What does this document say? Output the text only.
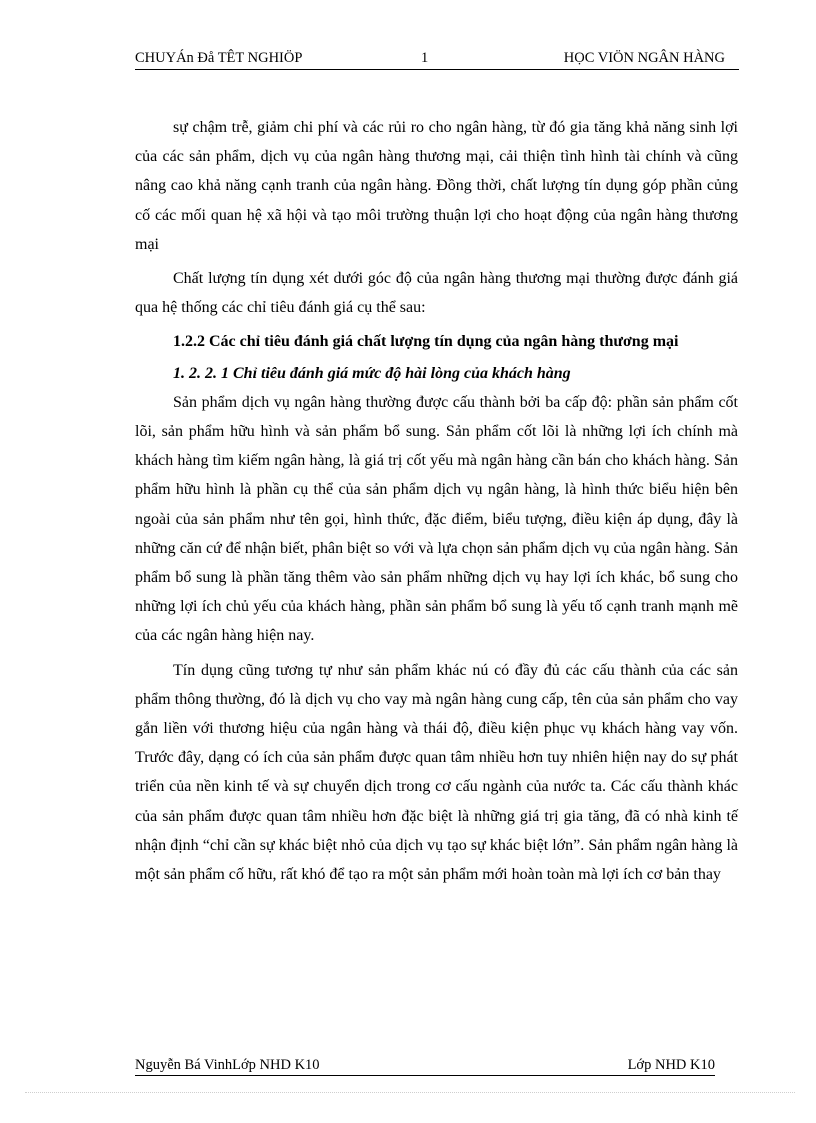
CHUYÁn Đå TÊT NGHIÖP	1	HỌC VIÖN NGÂN HÀNG

sự chậm trễ, giảm chi phí và các rủi ro cho ngân hàng, từ đó gia tăng khả năng sinh lợi của các sản phẩm, dịch vụ của ngân hàng thương mại, cải thiện tình hình tài chính và cũng nâng cao khả năng cạnh tranh của ngân hàng. Đồng thời, chất lượng tín dụng góp phần củng cố các mối quan hệ xã hội và tạo môi trường thuận lợi cho hoạt động của ngân hàng thương mại

Chất lượng tín dụng xét dưới góc độ của ngân hàng thương mại thường được đánh giá qua hệ thống các chỉ tiêu đánh giá cụ thể sau:

1.2.2 Các chỉ tiêu đánh giá chất lượng tín dụng của ngân hàng thương mại

1. 2. 2. 1 Chỉ tiêu đánh giá mức độ hài lòng của khách hàng

Sản phẩm dịch vụ ngân hàng thường được cấu thành bởi ba cấp độ: phần sản phẩm cốt lõi, sản phẩm hữu hình và sản phẩm bổ sung. Sản phẩm cốt lõi là những lợi ích chính mà khách hàng tìm kiếm ngân hàng, là giá trị cốt yếu mà ngân hàng cần bán cho khách hàng. Sản phẩm hữu hình là phần cụ thể của sản phẩm dịch vụ ngân hàng, là hình thức biểu hiện bên ngoài của sản phẩm như tên gọi, hình thức, đặc điểm, biểu tượng, điều kiện áp dụng, đây là những căn cứ để nhận biết, phân biệt so với và lựa chọn sản phẩm dịch vụ của ngân hàng. Sản phẩm bổ sung là phần tăng thêm vào sản phẩm những dịch vụ hay lợi ích khác, bổ sung cho những lợi ích chủ yếu của khách hàng, phần sản phẩm bổ sung là yếu tố cạnh tranh mạnh mẽ của các ngân hàng hiện nay.

Tín dụng cũng tương tự như sản phẩm khác nú có đầy đủ các cấu thành của các sản phẩm thông thường, đó là dịch vụ cho vay mà ngân hàng cung cấp, tên của sản phẩm cho vay gắn liền với thương hiệu của ngân hàng và thái độ, điều kiện phục vụ khách hàng vay vốn. Trước đây, dạng có ích của sản phẩm được quan tâm nhiều hơn tuy nhiên hiện nay do sự phát triển của nền kinh tế và sự chuyển dịch trong cơ cấu ngành của nước ta. Các cấu thành khác của sản phẩm được quan tâm nhiều hơn đặc biệt là những giá trị gia tăng, đã có nhà kinh tế nhận định “chỉ cần sự khác biệt nhỏ của dịch vụ tạo sự khác biệt lớn”. Sản phẩm ngân hàng là một sản phẩm cố hữu, rất khó để tạo ra một sản phẩm mới hoàn toàn mà lợi ích cơ bản thay

Nguyễn Bá VinhLớp NHD K10	Lớp NHD K10
